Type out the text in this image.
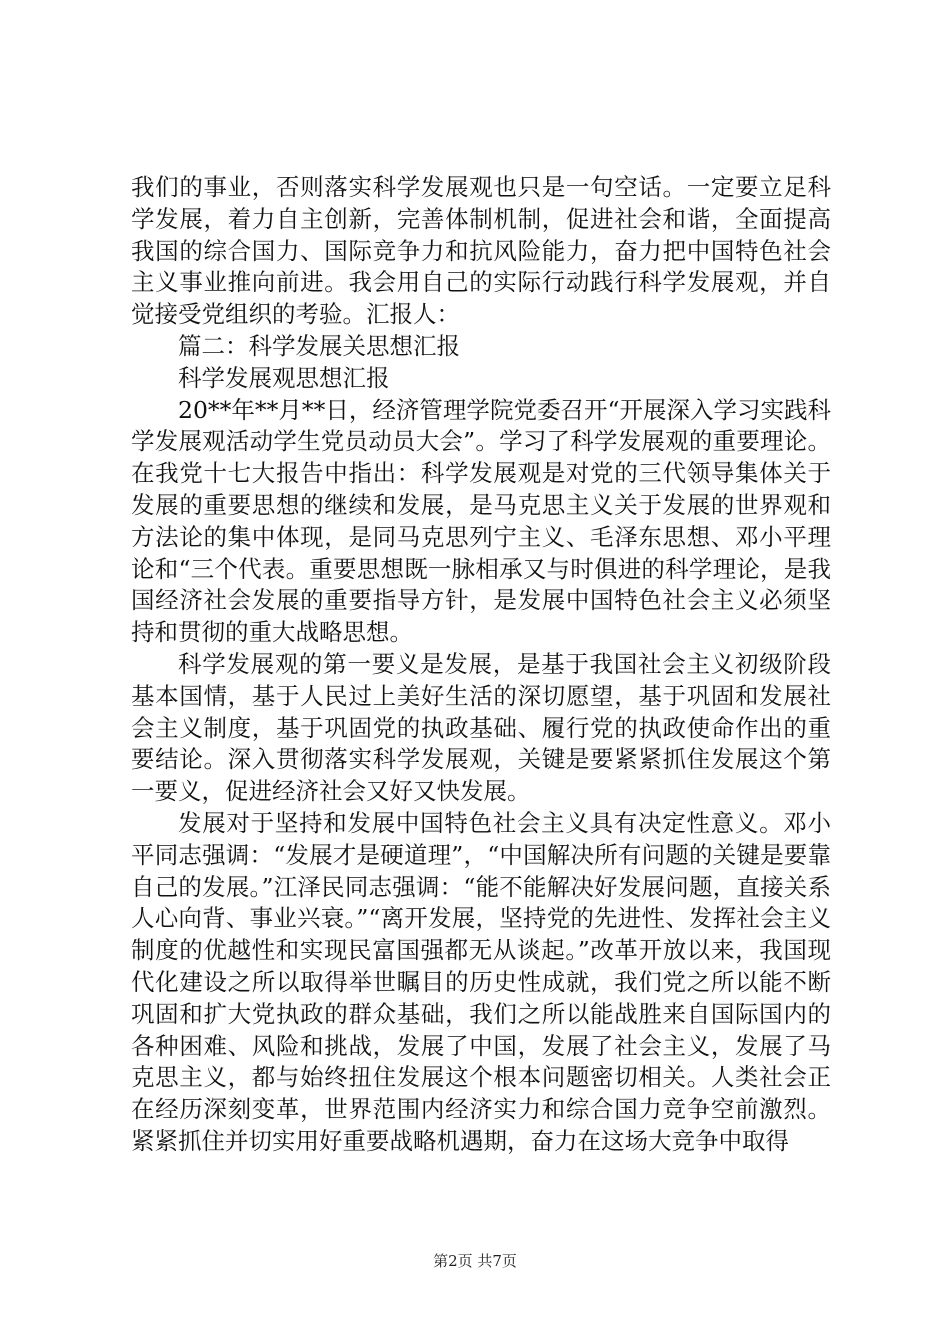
我们的事业，否则落实科学发展观也只是一句空话。一定要立足科学发展，着力自主创新，完善体制机制，促进社会和谐，全面提高我国的综合国力、国际竞争力和抗风险能力，奋力把中国特色社会主义事业推向前进。我会用自己的实际行动践行科学发展观，并自觉接受党组织的考验。汇报人：

篇二：科学发展关思想汇报

科学发展观思想汇报

20**年**月**日，经济管理学院党委召开“开展深入学习实践科学发展观活动学生党员动员大会”。学习了科学发展观的重要理论。在我党十七大报告中指出：科学发展观是对党的三代领导集体关于发展的重要思想的继续和发展，是马克思主义关于发展的世界观和方法论的集中体现，是同马克思列宁主义、毛泽东思想、邓小平理论和“三个代表。重要思想既一脉相承又与时俱进的科学理论，是我国经济社会发展的重要指导方针，是发展中国特色社会主义必须坚持和贯彻的重大战略思想。

科学发展观的第一要义是发展，是基于我国社会主义初级阶段基本国情，基于人民过上美好生活的深切愿望，基于巩固和发展社会主义制度，基于巩固党的执政基础、履行党的执政使命作出的重要结论。深入贯彻落实科学发展观，关键是要紧紧抓住发展这个第一要义，促进经济社会又好又快发展。

发展对于坚持和发展中国特色社会主义具有决定性意义。邓小平同志强调：“发展才是硬道理”，“中国解决所有问题的关键是要靠自己的发展。”江泽民同志强调：“能不能解决好发展问题，直接关系人心向背、事业兴衰。”“离开发展，坚持党的先进性、发挥社会主义制度的优越性和实现民富国强都无从谈起。”改革开放以来，我国现代化建设之所以取得举世瞩目的历史性成就，我们党之所以能不断巩固和扩大党执政的群众基础，我们之所以能战胜来自国际国内的各种困难、风险和挑战，发展了中国，发展了社会主义，发展了马克思主义，都与始终扭住发展这个根本问题密切相关。人类社会正在经历深刻变革，世界范围内经济实力和综合国力竞争空前激烈。紧紧抓住并切实用好重要战略机遇期，奋力在这场大竞争中取得

第2页 共7页
